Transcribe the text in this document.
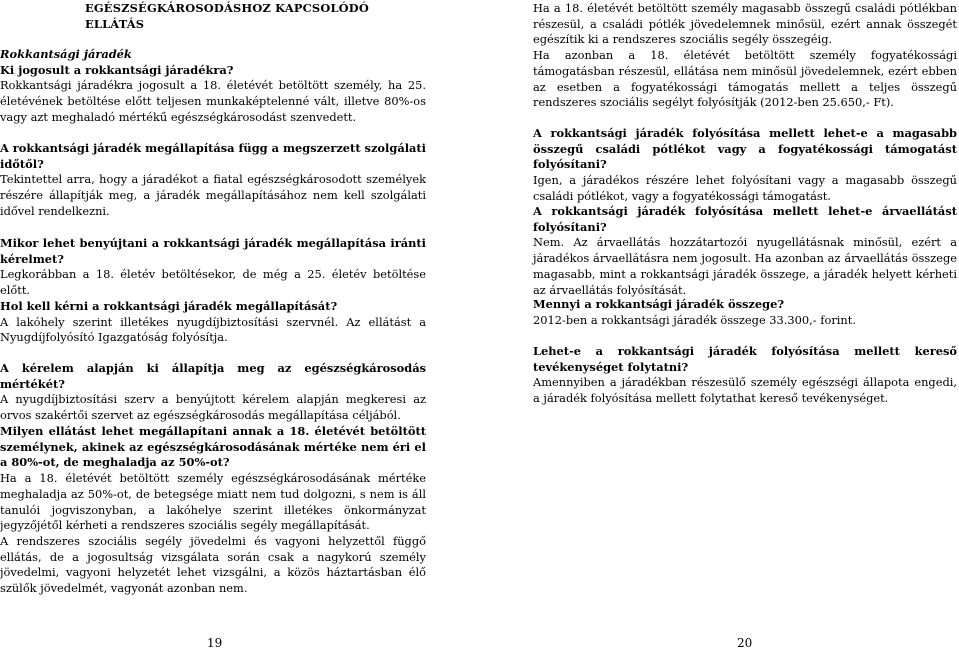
EGÉSZSÉGKÁROSODÁSHOZ KAPCSOLÓDÓ ELLÁTÁS

Rokkantsági járadék

Ki jogosult a rokkantsági járadékra?

Rokkantsági járadékra jogosult a 18. életévét betöltött személy, ha 25. életévének betöltése előtt teljesen munkaképtelenné vált, illetve 80%-os vagy azt meghaladó mértékű egészségkárosodást szenvedett.

A rokkantsági járadék megállapítása függ a megszerzett szolgálati időtől?

Tekintettel arra, hogy a járadékot a fiatal egészségkárosodott személyek részére állapítják meg, a járadék megállapításához nem kell szolgálati idővel rendelkezni.

Mikor lehet benyújtani a rokkantsági járadék megállapítása iránti kérelmet?

Legkorábban a 18. életév betöltésekor, de még a 25. életév betöltése előtt.

Hol kell kérni a rokkantsági járadék megállapítását?

A lakóhely szerint illetékes nyugdíjbiztosítási szervnél. Az ellátást a Nyugdíjfolyósító Igazgatóság folyósítja.

A kérelem alapján ki állapítja meg az egészségkárosodás mértékét?

A nyugdíjbiztosítási szerv a benyújtott kérelem alapján megkeresi az orvos szakértői szervet az egészségkárosodás megállapítása céljából.

Milyen ellátást lehet megállapítani annak a 18. életévét betöltött személynek, akinek az egészségkárosodásának mértéke nem éri el a 80%-ot, de meghaladja az 50%-ot?

Ha a 18. életévét betöltött személy egészségkárosodásának mértéke meghaladja az 50%-ot, de betegsége miatt nem tud dolgozni, s nem is áll tanulói jogviszonyban, a lakóhelye szerint illetékes önkormányzat jegyzőjétől kérheti a rendszeres szociális segély megállapítását.

A rendszeres szociális segély jövedelmi és vagyoni helyzettől függő ellátás, de a jogosultság vizsgálata során csak a nagykorú személy jövedelmi, vagyoni helyzetét lehet vizsgálni, a közös háztartásban élő szülők jövedelmét, vagyonát azonban nem.

19

Ha a 18. életévét betöltött személy magasabb összegű családi pótlékban részesül, a családi pótlék jövedelemnek minősül, ezért annak összegét egészítik ki a rendszeres szociális segély összegéig.

Ha azonban a 18. életévét betöltött személy fogyatékossági támogatásban részesül, ellátása nem minősül jövedelemnek, ezért ebben az esetben a fogyatékossági támogatás mellett a teljes összegű rendszeres szociális segélyt folyósítják (2012-ben 25.650,- Ft).

A rokkantsági járadék folyósítása mellett lehet-e a magasabb összegű családi pótlékot vagy a fogyatékossági támogatást folyósítani?

Igen, a járadékos részére lehet folyósítani vagy a magasabb összegű családi pótlékot, vagy a fogyatékossági támogatást.

A rokkantsági járadék folyósítása mellett lehet-e árvaellátást folyósítani?

Nem. Az árvaellátás hozzátartozói nyugellátásnak minősül, ezért a járadékos árvaellátásra nem jogosult. Ha azonban az árvaellátás összege magasabb, mint a rokkantsági járadék összege, a járadék helyett kérheti az árvaellátás folyósítását.

Mennyi a rokkantsági járadék összege?

2012-ben a rokkantsági járadék összege 33.300,- forint.

Lehet-e a rokkantsági járadék folyósítása mellett kereső tevékenységet folytatni?

Amennyiben a járadékban részesülő személy egészségi állapota engedi, a járadék folyósítása mellett folytathat kereső tevékenységet.

20
